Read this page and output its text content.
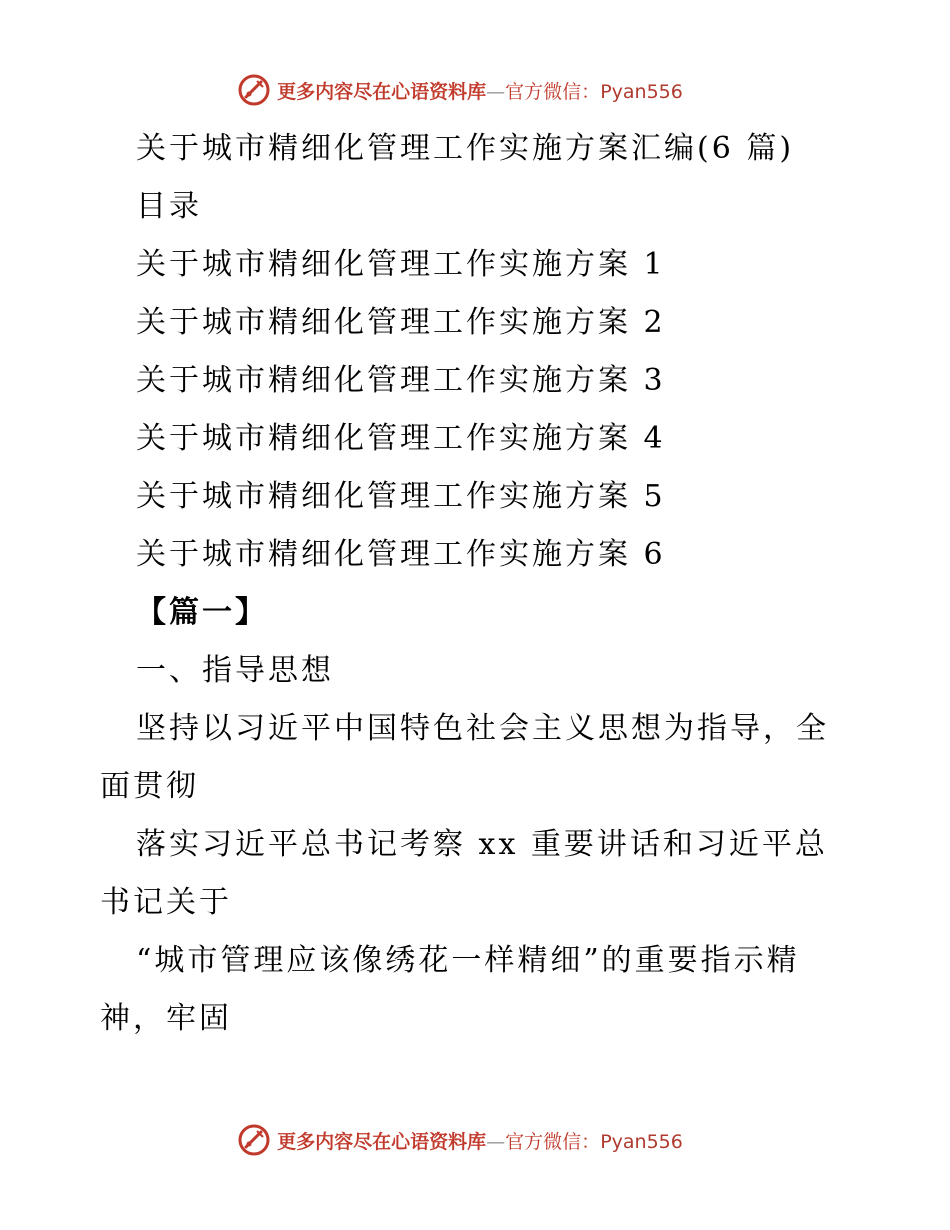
更多内容尽在心语资料库—官方微信：Pyan556
关于城市精细化管理工作实施方案汇编(6 篇)
目录
关于城市精细化管理工作实施方案 1
关于城市精细化管理工作实施方案 2
关于城市精细化管理工作实施方案 3
关于城市精细化管理工作实施方案 4
关于城市精细化管理工作实施方案 5
关于城市精细化管理工作实施方案 6
【篇一】
一、指导思想
坚持以习近平中国特色社会主义思想为指导，全
面贯彻
落实习近平总书记考察 xx 重要讲话和习近平总
书记关于
“城市管理应该像绣花一样精细”的重要指示精
神，牢固
更多内容尽在心语资料库—官方微信：Pyan556
